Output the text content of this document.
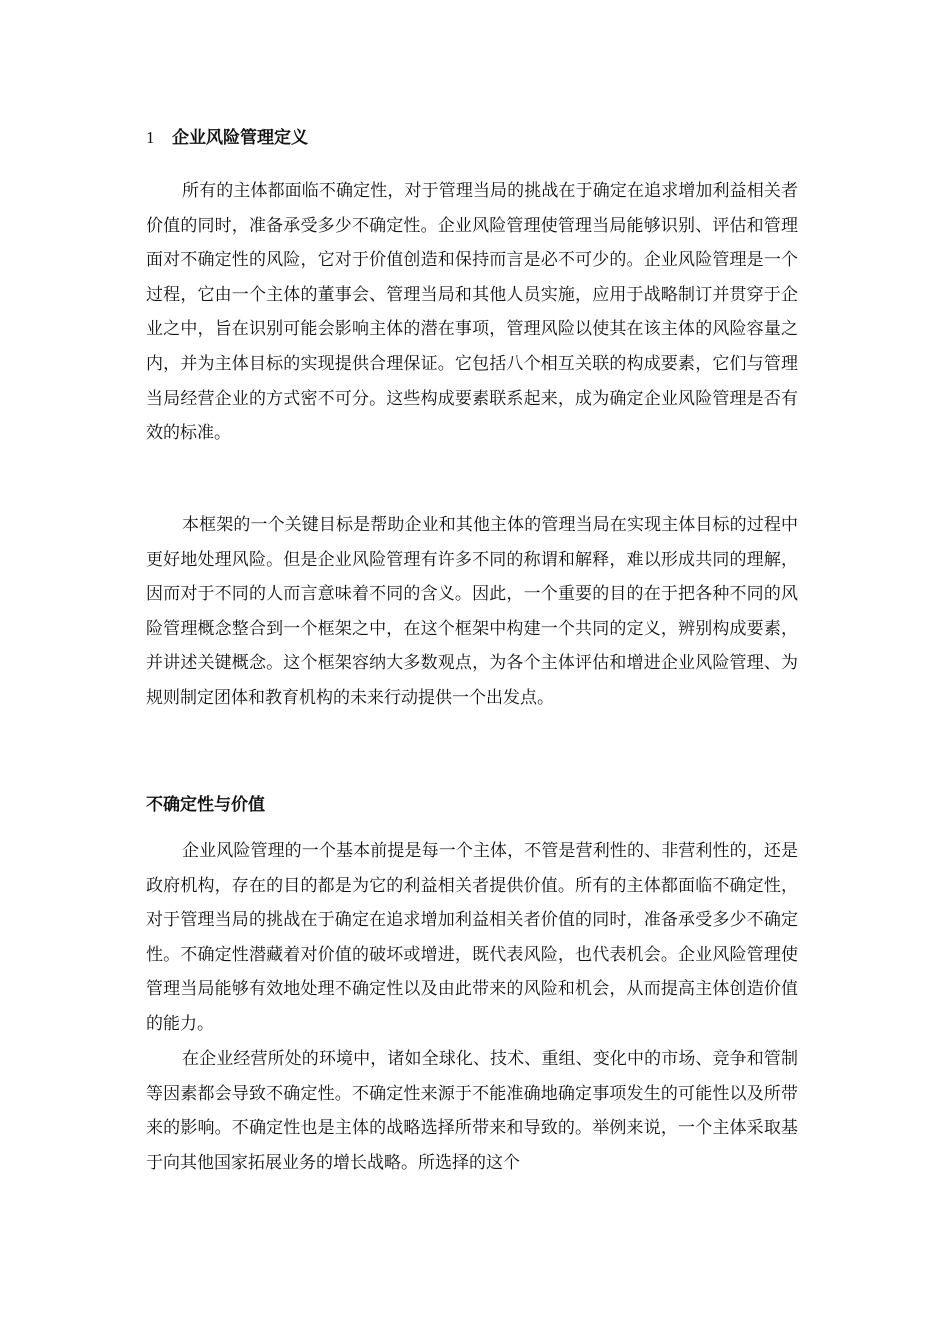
1 企业风险管理定义

所有的主体都面临不确定性，对于管理当局的挑战在于确定在追求增加利益相关者价值的同时，准备承受多少不确定性。企业风险管理使管理当局能够识别、评估和管理面对不确定性的风险，它对于价值创造和保持而言是必不可少的。企业风险管理是一个过程，它由一个主体的董事会、管理当局和其他人员实施，应用于战略制订并贯穿于企业之中，旨在识别可能会影响主体的潜在事项，管理风险以使其在该主体的风险容量之内，并为主体目标的实现提供合理保证。它包括八个相互关联的构成要素，它们与管理当局经营企业的方式密不可分。这些构成要素联系起来，成为确定企业风险管理是否有效的标准。

本框架的一个关键目标是帮助企业和其他主体的管理当局在实现主体目标的过程中更好地处理风险。但是企业风险管理有许多不同的称谓和解释，难以形成共同的理解，因而对于不同的人而言意味着不同的含义。因此，一个重要的目的在于把各种不同的风险管理概念整合到一个框架之中，在这个框架中构建一个共同的定义，辨别构成要素，并讲述关键概念。这个框架容纳大多数观点，为各个主体评估和增进企业风险管理、为规则制定团体和教育机构的未来行动提供一个出发点。

不确定性与价值

企业风险管理的一个基本前提是每一个主体，不管是营利性的、非营利性的，还是政府机构，存在的目的都是为它的利益相关者提供价值。所有的主体都面临不确定性，对于管理当局的挑战在于确定在追求增加利益相关者价值的同时，准备承受多少不确定性。不确定性潜藏着对价值的破坏或增进，既代表风险，也代表机会。企业风险管理使管理当局能够有效地处理不确定性以及由此带来的风险和机会，从而提高主体创造价值的能力。

在企业经营所处的环境中，诸如全球化、技术、重组、变化中的市场、竞争和管制等因素都会导致不确定性。不确定性来源于不能准确地确定事项发生的可能性以及所带来的影响。不确定性也是主体的战略选择所带来和导致的。举例来说，一个主体采取基于向其他国家拓展业务的增长战略。所选择的这个
